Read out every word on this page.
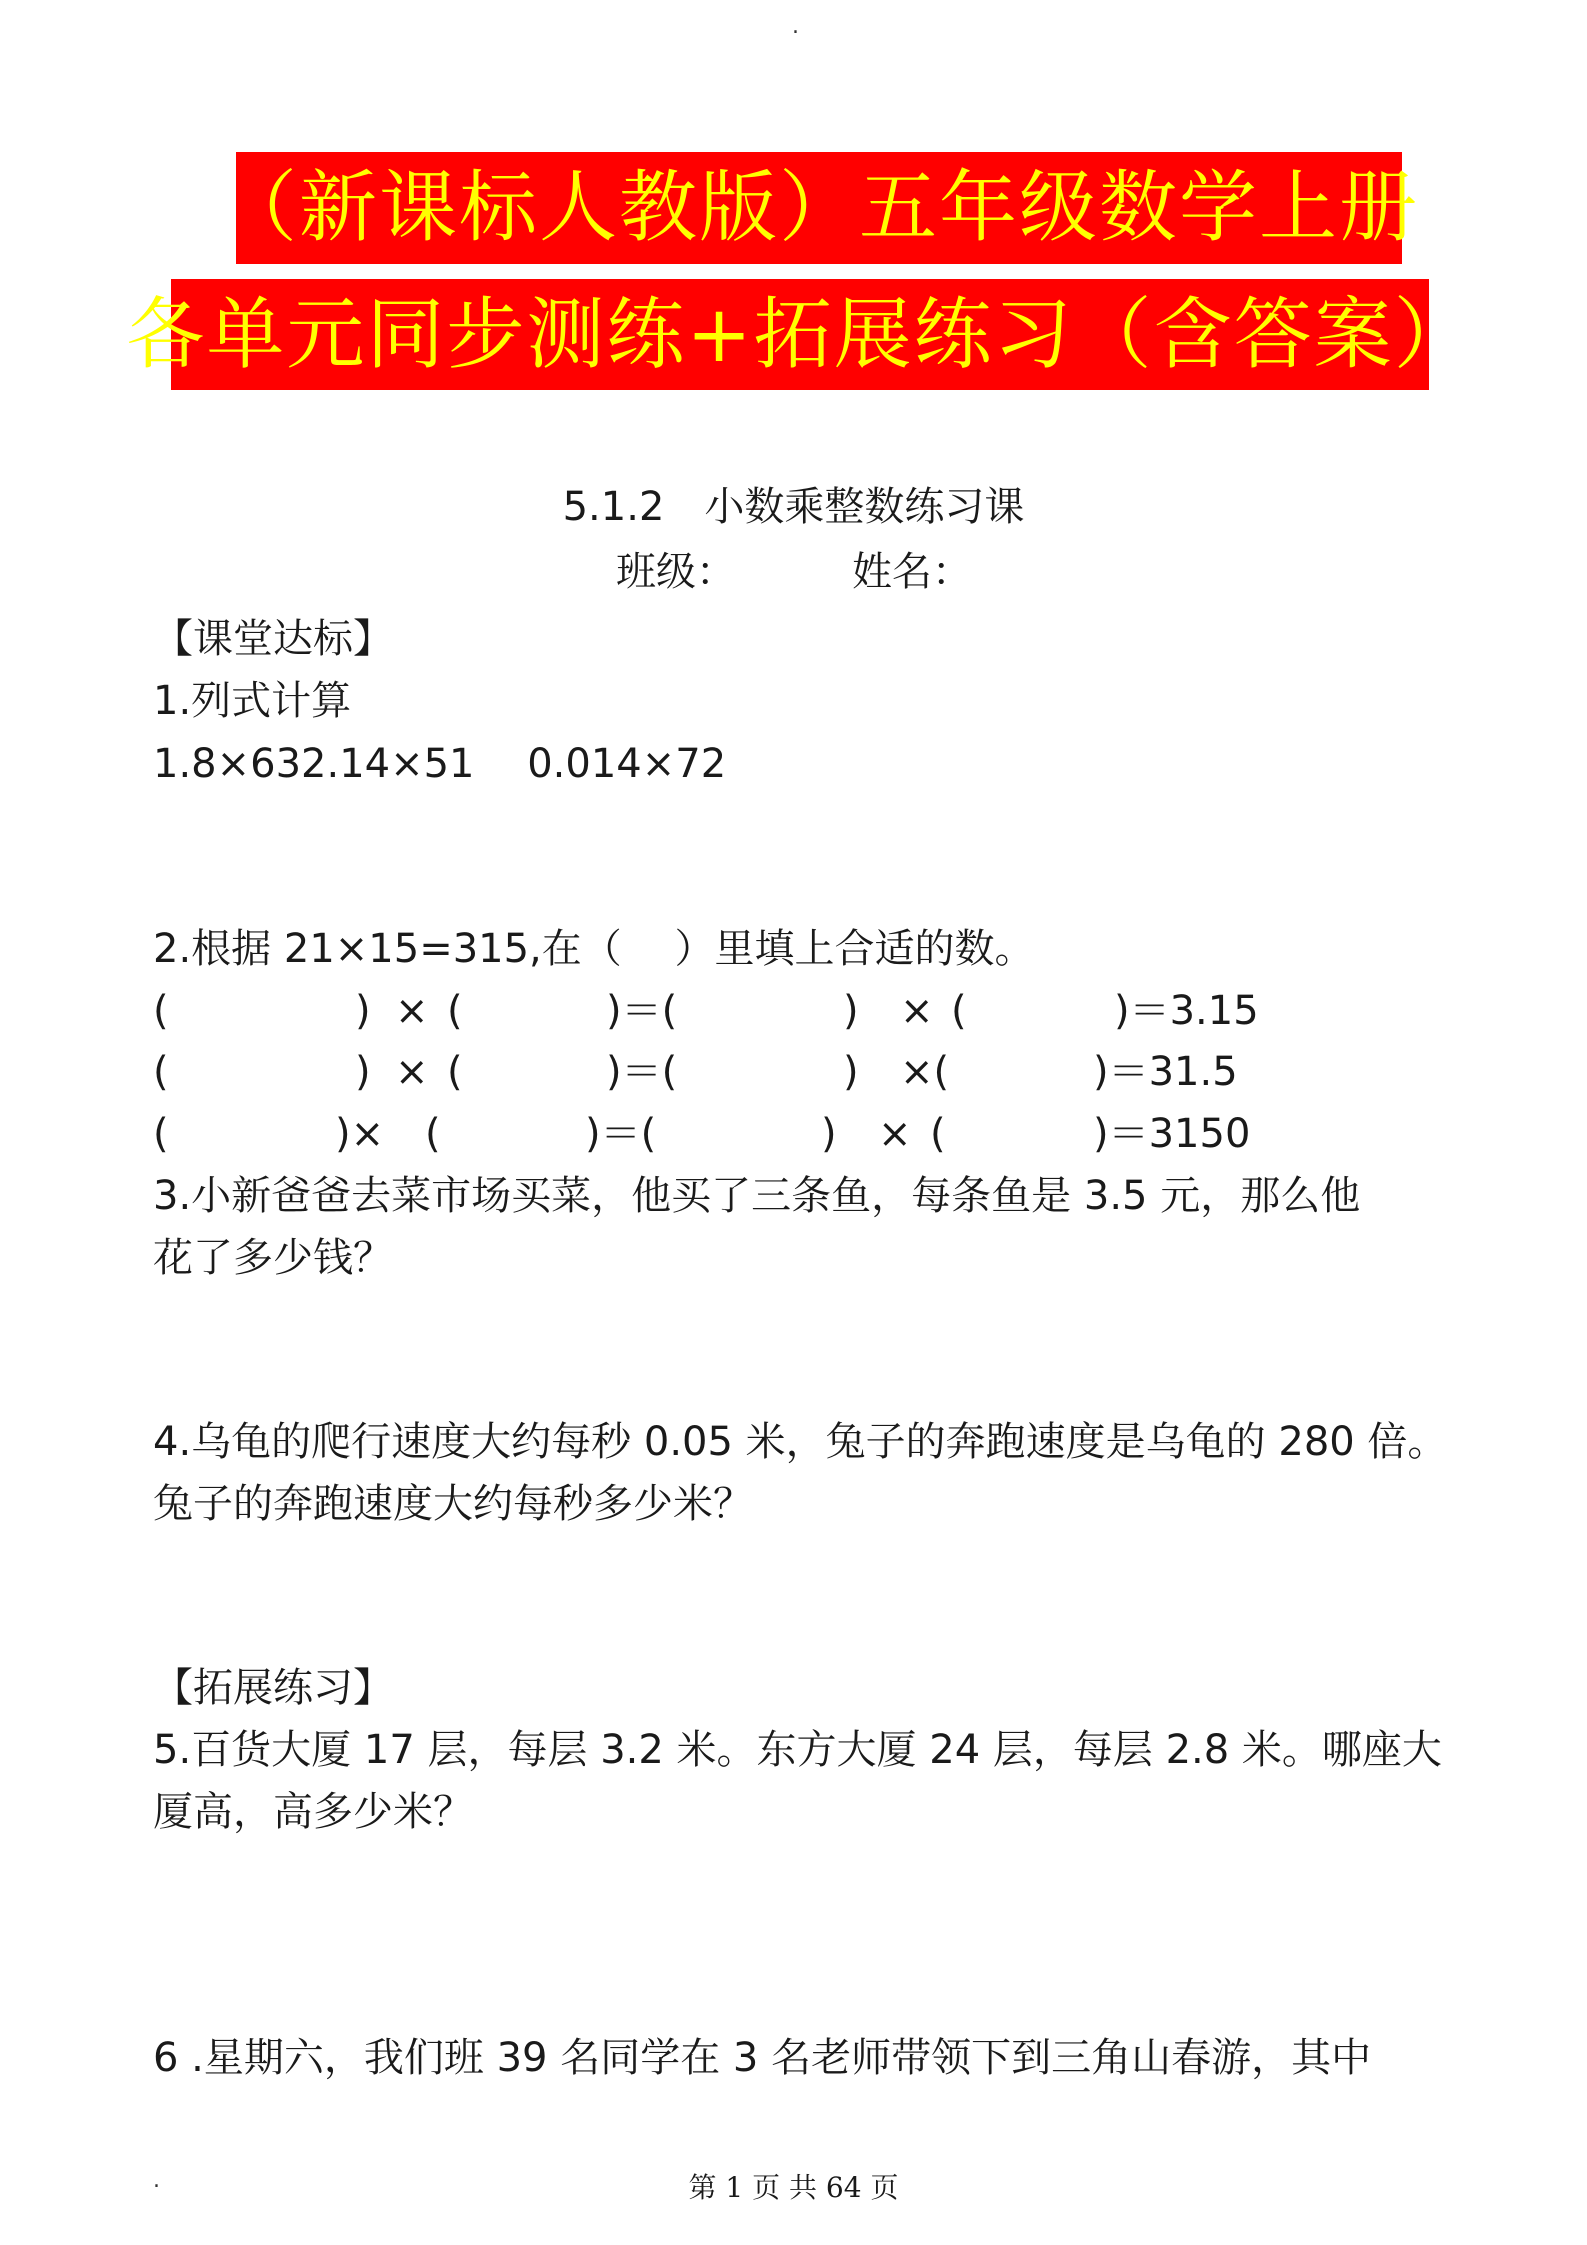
.
（新课标人教版）五年级数学上册
各单元同步测练+拓展练习（含答案）
5.1.2　小数乘整数练习课
班级：	姓名：
【课堂达标】
1.列式计算
1.8×632.14×51　 0.014×72
2.根据 21×15=315,在（　 ）里填上合适的数。
(	) × (	)＝(	) × (	)＝3.15
(	) × (	)＝(	) ×(	)＝31.5
(	)× (	)＝(	) × (	)＝3150
3.小新爸爸去菜市场买菜，他买了三条鱼，每条鱼是 3.5 元，那么他
花了多少钱？
4.乌龟的爬行速度大约每秒 0.05 米，兔子的奔跑速度是乌龟的 280 倍。
兔子的奔跑速度大约每秒多少米？
【拓展练习】
5.百货大厦 17 层，每层 3.2 米。东方大厦 24 层，每层 2.8 米。哪座大
厦高，高多少米？
6 .星期六，我们班 39 名同学在 3 名老师带领下到三角山春游，其中
.	第 1 页 共 64 页
